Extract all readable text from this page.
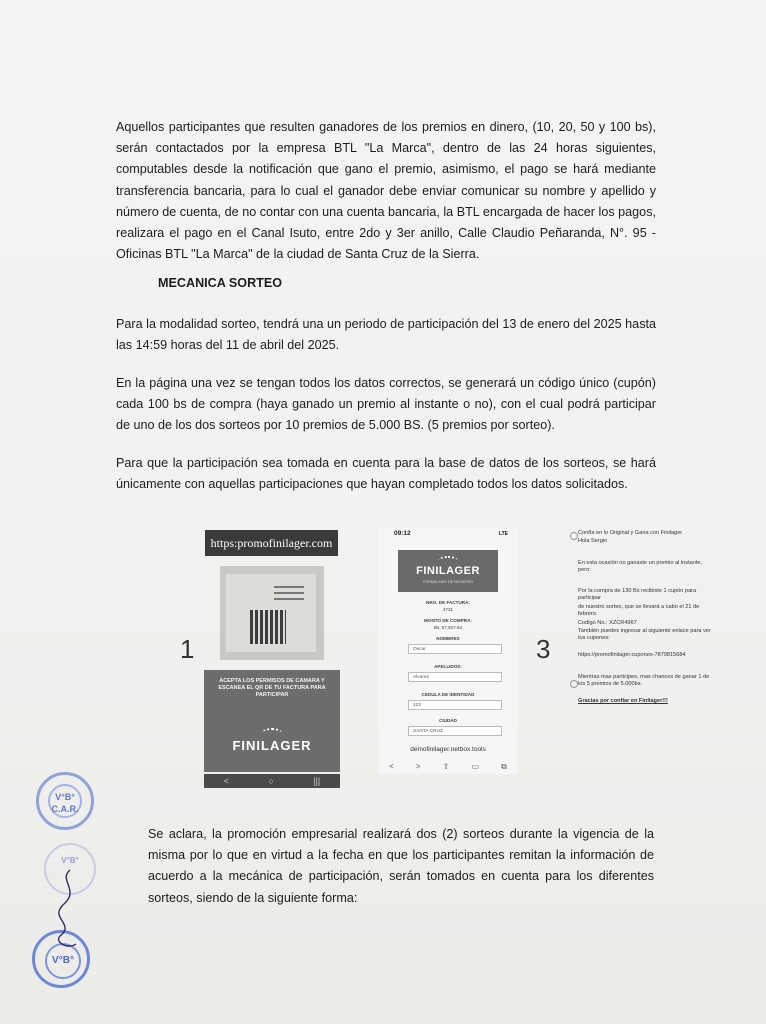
Aquellos participantes que resulten ganadores de los premios en dinero, (10, 20, 50 y 100 bs), serán contactados por la empresa BTL "La Marca", dentro de las 24 horas siguientes, computables desde la notificación que gano el premio, asimismo, el pago se hará mediante transferencia bancaria, para lo cual el ganador debe enviar comunicar su nombre y apellido y número de cuenta, de no contar con una cuenta bancaria, la BTL encargada de hacer los pagos, realizara el pago en el Canal Isuto, entre 2do y 3er anillo, Calle Claudio Peñaranda, N°. 95 - Oficinas BTL "La Marca" de la ciudad de Santa Cruz de la Sierra.

MECANICA SORTEO

Para la modalidad sorteo, tendrá una un periodo de participación del 13 de enero del 2025 hasta las 14:59 horas del 11 de abril del 2025.

En la página una vez se tengan todos los datos correctos, se generará un código único (cupón) cada 100 bs de compra (haya ganado un premio al instante o no), con el cual podrá participar de uno de los dos sorteos por 10 premios de 5.000 BS. (5 premios por sorteo).

Para que la participación sea tomada en cuenta para la base de datos de los sorteos, se hará únicamente con aquellas participaciones que hayan completado todos los datos solicitados.

1	3
https:promofinilager.com
ACEPTA LOS PERMISOS DE CAMARA Y ESCANEA EL QR DE TU FACTURA PARA PARTICIPAR
FINILAGER
<	○	|||
09:12	LTE
FINILAGER
FORMULARIO DE REGISTRO
NRO. DE FACTURA:
4731
MONTO DE COMPRA:
Bs. 57,927.84
NOMBRES
Oscar
APELLIDOS:
Alvarez
CEDULA DE IDENTIDAD
123
CIUDAD
SANTA CRUZ
demofinilager.netbox.tools
<	>	⇧	▭	⧉
Confía en lo Original y Gana con Finilager
Hola Sergio
En esta ocasión no ganaste un premio al instante, pero:
Por la compra de 130 Bs recibiste 1 cupón para participar
de nuestro sorteo, que se llevará a cabo el 21 de febrero.
Codigo No.: XZCR4967
También puedes ingresar al siguiente enlace para ver tus cupones:
https://promofinilager.cupones-7879815684
Mientras mas participes, mas chances de ganar 1 de los 5 premios de 5.000bs.
Gracias por confiar en Finilager!!!

Se aclara, la promoción empresarial realizará dos (2) sorteos durante la vigencia de la misma por lo que en virtud a la fecha en que los participantes remitan la información de acuerdo a la mecánica de participación, serán tomados en cuenta para los diferentes sorteos, siendo de la siguiente forma:

V°B° C.A.R.
V°B°
V°B°
